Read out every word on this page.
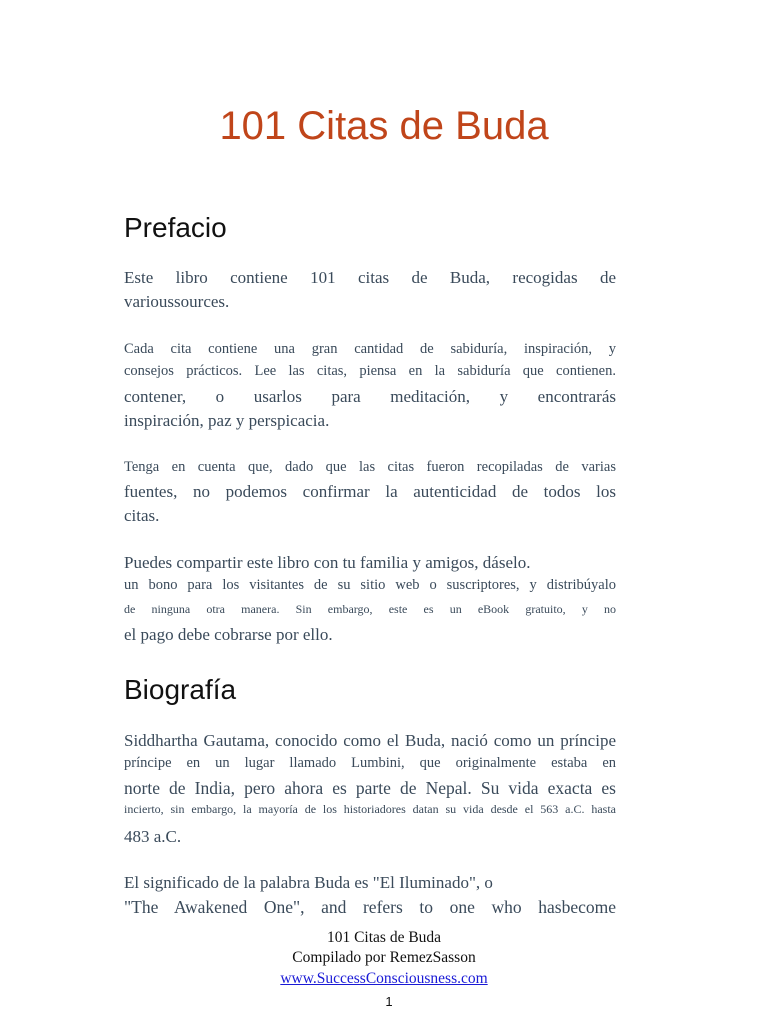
101 Citas de Buda
Prefacio
Este libro contiene 101 citas de Buda, recogidas de
varioussources.
Cada cita contiene una gran cantidad de sabiduría, inspiración, y
consejos prácticos. Lee las citas, piensa en la sabiduría que contienen.
contener, o usarlos para meditación, y encontrarás
inspiración, paz y perspicacia.
Tenga en cuenta que, dado que las citas fueron recopiladas de varias
fuentes, no podemos confirmar la autenticidad de todos los
citas.
Puedes compartir este libro con tu familia y amigos, dáselo.
un bono para los visitantes de su sitio web o suscriptores, y distribúyalo
de ninguna otra manera. Sin embargo, este es un eBook gratuito, y no
el pago debe cobrarse por ello.
Biografía
Siddhartha Gautama, conocido como el Buda, nació como un príncipe
príncipe en un lugar llamado Lumbini, que originalmente estaba en
norte de India, pero ahora es parte de Nepal. Su vida exacta es
incierto, sin embargo, la mayoría de los historiadores datan su vida desde el 563 a.C. hasta
483 a.C.
El significado de la palabra Buda es "El Iluminado", o
"The Awakened One", and refers to one who hasbecome
101 Citas de Buda
Compilado por RemezSasson
www.SuccessConsciousness.com
1
